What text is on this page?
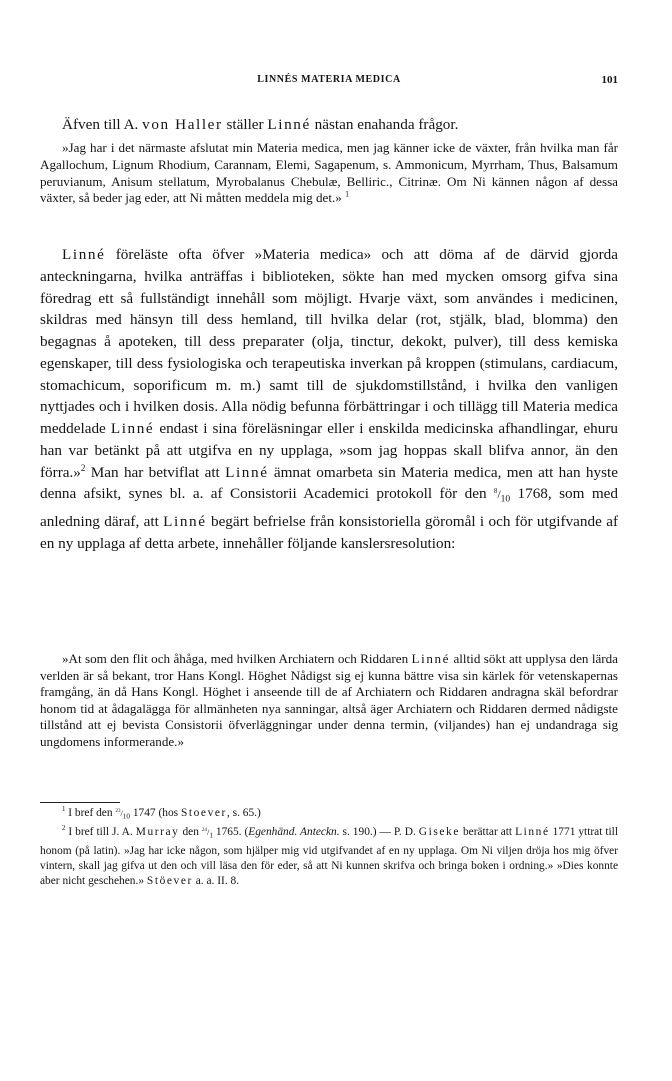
LINNÉS MATERIA MEDICA	101

Äfven till A. von Haller ställer Linné nästan enahanda frågor.

»Jag har i det närmaste afslutat min Materia medica, men jag känner icke de växter, från hvilka man får Agallochum, Lignum Rhodium, Carannam, Elemi, Sagapenum, s. Ammonicum, Myrrham, Thus, Balsamum peruvianum, Anisum stellatum, Myrobalanus Chebulæ, Belliric., Citrinæ. Om Ni kännen någon af dessa växter, så beder jag eder, att Ni måtten meddela mig det.» $^1$

Linné föreläste ofta öfver »Materia medica» och att döma af de därvid gjorda anteckningarna, hvilka anträffas i biblioteken, sökte han med mycken omsorg gifva sina föredrag ett så fullständigt innehåll som möjligt. Hvarje växt, som användes i medicinen, skildras med hänsyn till dess hemland, till hvilka delar (rot, stjälk, blad, blomma) den begagnas å apoteken, till dess preparater (olja, tinctur, dekokt, pulver), till dess kemiska egenskaper, till dess fysiologiska och terapeutiska inverkan på kroppen (stimulans, cardiacum, stomachicum, soporificum m. m.) samt till de sjukdomstillstånd, i hvilka den vanligen nyttjades och i hvilken dosis. Alla nödig befunna förbättringar i och tillägg till Materia medica meddelade Linné endast i sina föreläsningar eller i enskilda medicinska afhandlingar, ehuru han var betänkt på att utgifva en ny upplaga, »som jag hoppas skall blifva annor, än den förra.»$^2$ Man har betviflat att Linné ämnat omarbeta sin Materia medica, men att han hyste denna afsikt, synes bl. a. af Consistorii Academici protokoll för den $^8/_{10}$ 1768, som med anledning däraf, att Linné begärt befrielse från konsistoriella göromål i och för utgifvande af en ny upplaga af detta arbete, innehåller följande kanslersresolution:

»At som den flit och åhåga, med hvilken Archiatern och Riddaren Linné alltid sökt att upplysa den lärda verlden är så bekant, tror Hans Kongl. Höghet Nådigst sig ej kunna bättre visa sin kärlek för vetenskapernas framgång, än då Hans Kongl. Höghet i anseende till de af Archiatern och Riddaren andragna skäl befordrar honom tid at ådagalägga för allmänheten nya sanningar, altså äger Archiatern och Riddaren dermed nådigste tillstånd att ej bevista Consistorii öfverläggningar under denna termin, (viljandes) han ej undandraga sig ungdomens informerande.»

$^1$ I bref den $^{23}/_{10}$ 1747 (hos Stoever, s. 65.)

$^2$ I bref till J. A. Murray den $^{24}/_1$ 1765. (Egenhänd. Anteckn. s. 190.) — P. D. Giseke berättar att Linné 1771 yttrat till honom (på latin). »Jag har icke någon, som hjälper mig vid utgifvandet af en ny upplaga. Om Ni viljen dröja hos mig öfver vintern, skall jag gifva ut den och vill läsa den för eder, så att Ni kunnen skrifva och bringa boken i ordning.» »Dies konnte aber nicht geschehen.» Stöever a. a. II. 8.
